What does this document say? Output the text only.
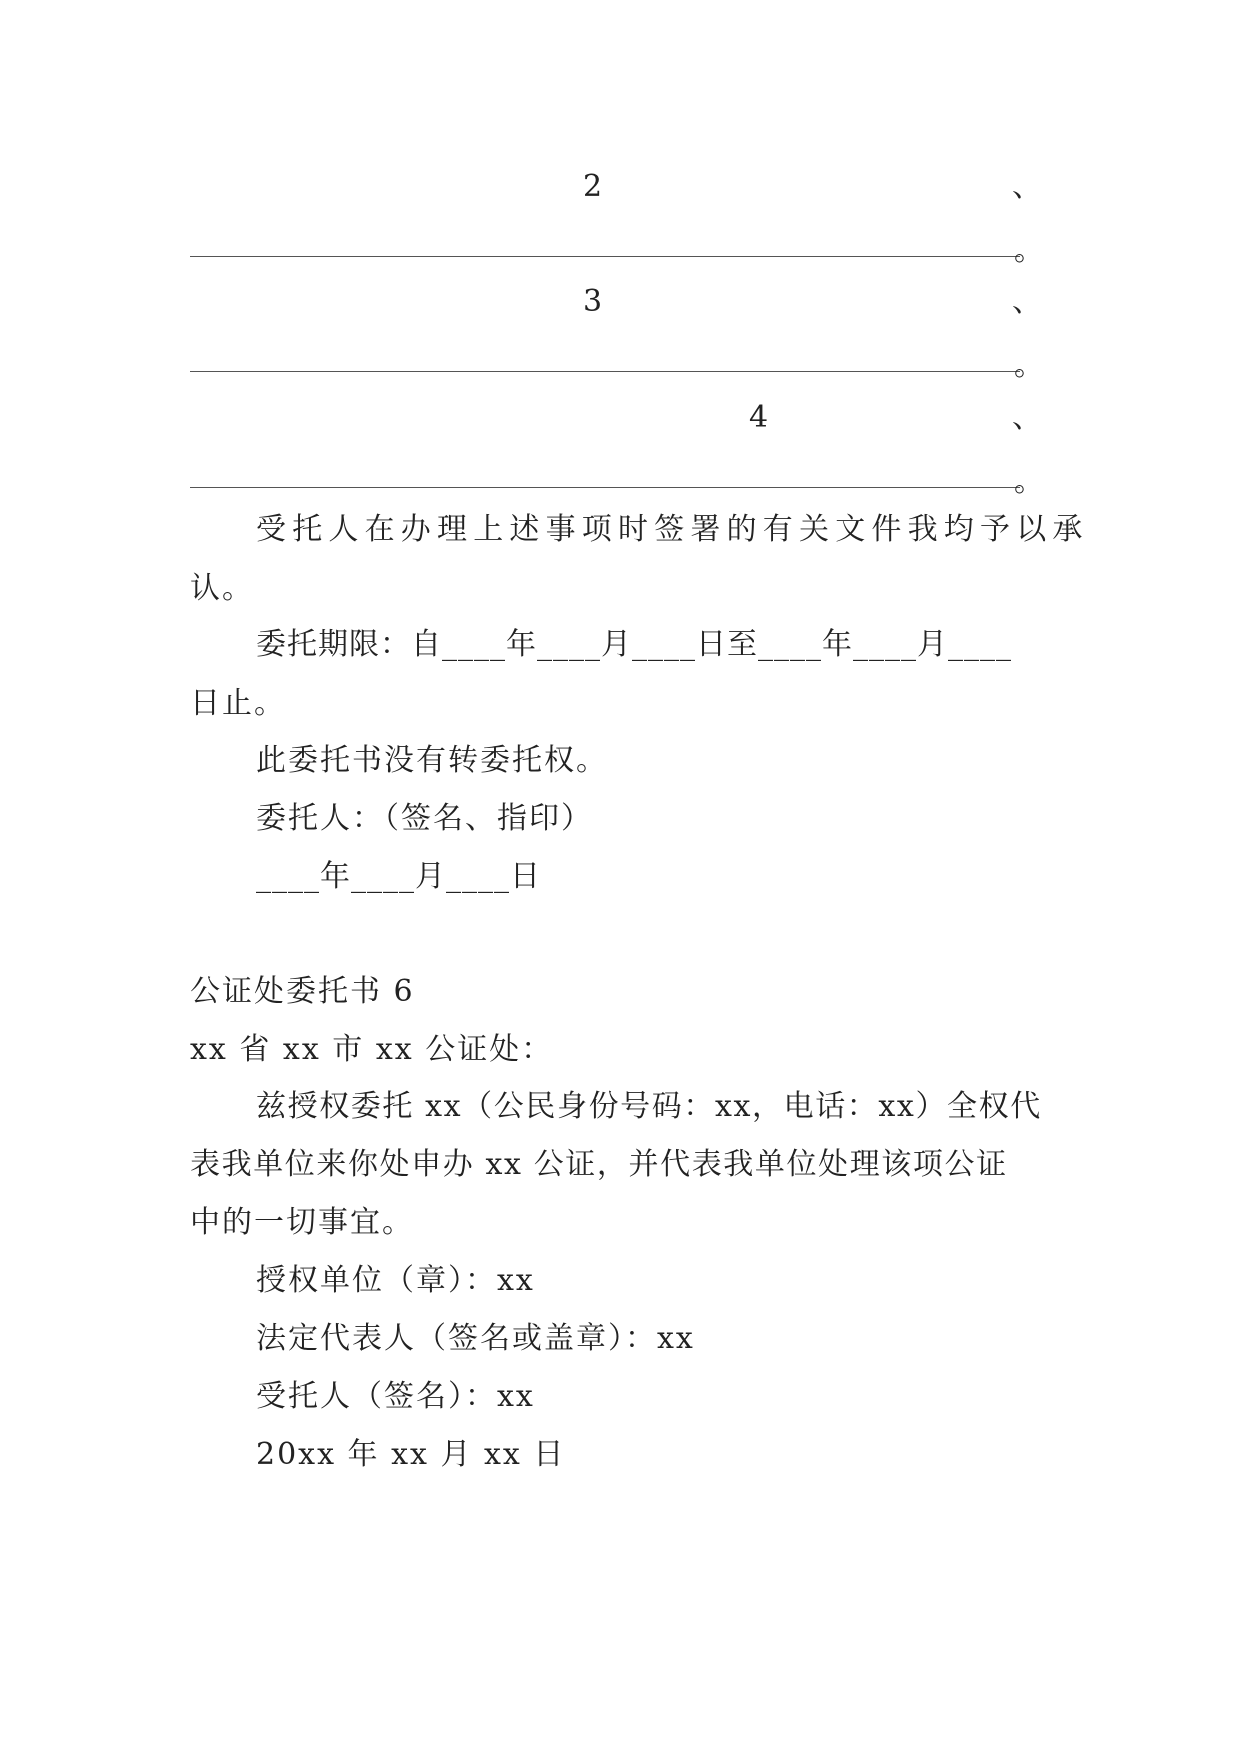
2	、
。
3	、
。
4	、
。
受托人在办理上述事项时签署的有关文件我均予以承
认。
委托期限：自____年____月____日至____年____月____
日止。
此委托书没有转委托权。
委托人：（签名、指印）
____年____月____日
公证处委托书 6
xx 省 xx 市 xx 公证处：
兹授权委托 xx（公民身份号码：xx，电话：xx）全权代
表我单位来你处申办 xx 公证，并代表我单位处理该项公证
中的一切事宜。
授权单位（章）：xx
法定代表人（签名或盖章）：xx
受托人（签名）：xx
20xx 年 xx 月 xx 日
